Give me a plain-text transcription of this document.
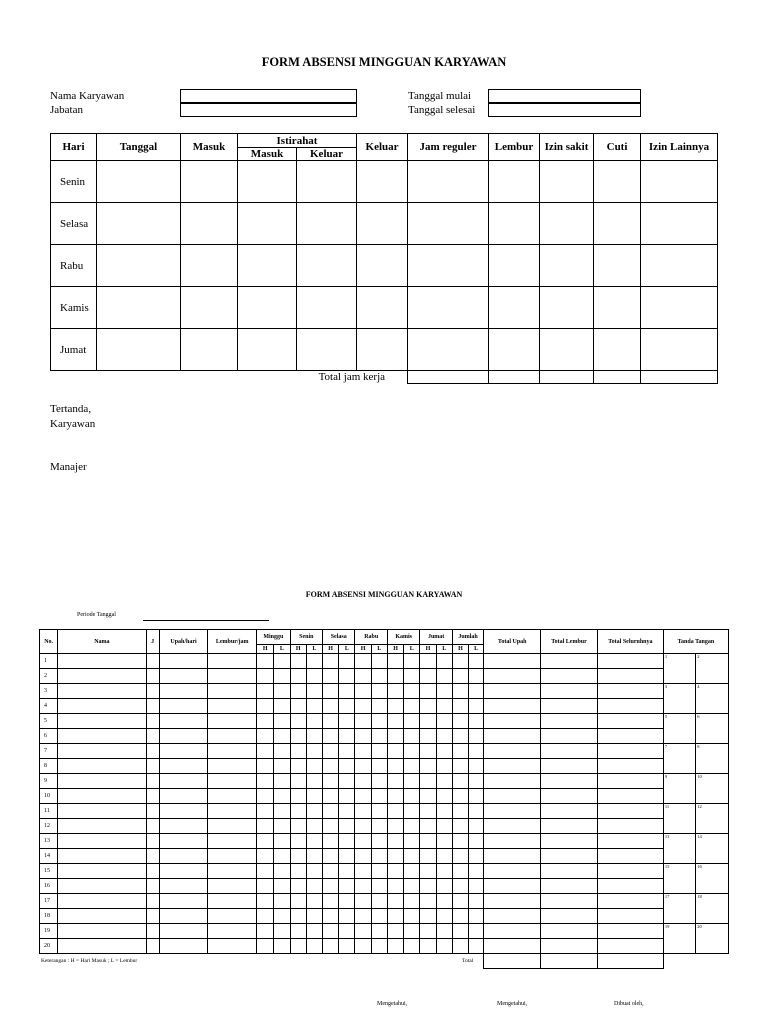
FORM ABSENSI MINGGUAN KARYAWAN
Nama Karyawan
Jabatan
Tanggal mulai
Tanggal selesai
Hari	Tanggal	Masuk	Istirahat		Keluar	Jam reguler	Lembur	Izin sakit	Cuti	Izin Lainnya
			Masuk	Keluar						
Senin										
Selasa										
Rabu										
Kamis										
Jumat										
Total jam kerja										
Tertanda,
Karyawan
Manajer
FORM ABSENSI MINGGUAN KARYAWAN
Periode Tanggal
No.	Nama	J	Upah/hari	Lembur/jam	Minggu		Senin		Selasa		Rabu		Kamis		Jumat		Jumlah		Total Upah	Total Lembur	Total Seluruhnya	Tanda Tangan	
					H	L	H	L	H	L	H	L	H	L	H	L	H	L					
1																						1	2
2																							
3																						3	4
4																							
5																						5	6
6																							
7																						7	8
8																							
9																						9	10
10																							
11																						11	12
12																							
13																						13	14
14																							
15																						15	16
16																							
17																						17	18
18																							
19																						19	20
20																							

Keterangan : H = Hari Masuk ; L = Lembur	Total
Mengetahui,	Mengetahui,	Dibuat oleh,
